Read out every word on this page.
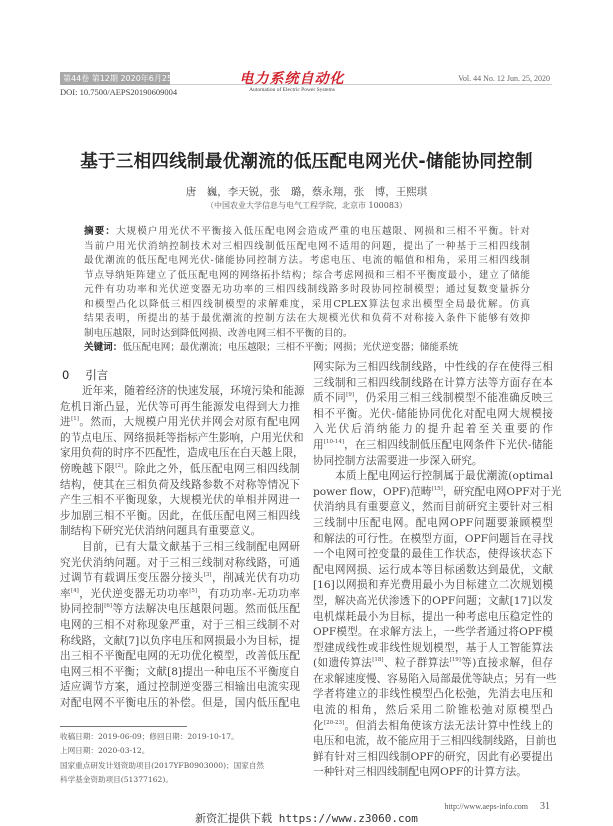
第44卷 第12期 2020年6月25日	电力系统自动化
Automation of Electric Power Systems
Vol. 44 No. 12 Jun. 25, 2020
DOI: 10.7500/AEPS20190609004
基于三相四线制最优潮流的低压配电网光伏-储能协同控制
唐　巍，李天锐，张　璐，蔡永翔，张　博，王熙琪
（中国农业大学信息与电气工程学院，北京市 100083）
摘要：大规模户用光伏不平衡接入低压配电网会造成严重的电压越限、网损和三相不平衡。针对
当前户用光伏消纳控制技术对三相四线制低压配电网不适用的问题，提出了一种基于三相四线制
最优潮流的低压配电网光伏-储能协同控制方法。考虑电压、电流的幅值和相角，采用三相四线制
节点导纳矩阵建立了低压配电网的网络拓扑结构；综合考虑网损和三相不平衡度最小，建立了储能
元件有功功率和光伏逆变器无功功率的三相四线制线路多时段协同控制模型；通过复数变量拆分
和模型凸化以降低三相四线制模型的求解难度，采用CPLEX算法包求出模型全局最优解。仿真
结果表明，所提出的基于最优潮流的控制方法在大规模光伏和负荷不对称接入条件下能够有效抑
制电压越限，同时达到降低网损、改善电网三相不平衡的目的。
关键词：低压配电网；最优潮流；电压越限；三相不平衡；网损；光伏逆变器；储能系统
0 引言
近年来，随着经济的快速发展，环境污染和能源
危机日渐凸显，光伏等可再生能源发电得到大力推
进[1]。然而，大规模户用光伏并网会对原有配电网
的节点电压、网络损耗等指标产生影响，户用光伏和
家用负荷的时序不匹配性，造成电压在白天越上限，
傍晚越下限[2]。除此之外，低压配电网三相四线制
结构，使其在三相负荷及线路参数不对称等情况下
产生三相不平衡现象，大规模光伏的单相并网进一
步加剧三相不平衡。因此，在低压配电网三相四线
制结构下研究光伏消纳问题具有重要意义。
目前，已有大量文献基于三相三线制配电网研
究光伏消纳问题。对于三相三线制对称线路，可通
过调节有载调压变压器分接头[3]，削减光伏有功功
率[4]，光伏逆变器无功功率[5]，有功功率-无功功率
协同控制[6]等方法解决电压越限问题。然而低压配
电网的三相不对称现象严重，对于三相三线制不对
称线路，文献[7]以负序电压和网损最小为目标，提
出三相不平衡配电网的无功优化模型，改善低压配
电网三相不平衡；文献[8]提出一种电压不平衡度自
适应调节方案，通过控制逆变器三相输出电流实现
对配电网不平衡电压的补偿。但是，国内低压配电
网实际为三相四线制线路，中性线的存在使得三相
三线制和三相四线制线路在计算方法等方面存在本
质不同[9]，仍采用三相三线制模型不能准确反映三
相不平衡。光伏-储能协同优化对配电网大规模接
入光伏后消纳能力的提升起着至关重要的作
用[10-14]，在三相四线制低压配电网条件下光伏-储能
协同控制方法需要进一步深入研究。
本质上配电网运行控制属于最优潮流(optimal
power flow，OPF)范畴[15]，研究配电网OPF对于光
伏消纳具有重要意义，然而目前研究主要针对三相
三线制中压配电网。配电网OPF问题要兼顾模型
和解法的可行性。在模型方面，OPF问题旨在寻找
一个电网可控变量的最佳工作状态，使得该状态下
配电网网损、运行成本等目标函数达到最优，文献
[16]以网损和弃光费用最小为目标建立二次规划模
型，解决高光伏渗透下的OPF问题；文献[17]以发
电机煤耗最小为目标，提出一种考虑电压稳定性的
OPF模型。在求解方法上，一些学者通过将OPF模
型建成线性或非线性规划模型，基于人工智能算法
(如遗传算法[18]、粒子群算法[19]等)直接求解，但存
在求解速度慢、容易陷入局部最优等缺点；另有一些
学者将建立的非线性模型凸化松弛，先消去电压和
电流的相角，然后采用二阶锥松弛对原模型凸
化[20-23]。但消去相角使该方法无法计算中性线上的
电压和电流，故不能应用于三相四线制线路，目前也
鲜有针对三相四线制OPF的研究，因此有必要提出
一种针对三相四线制配电网OPF的计算方法。
收稿日期：2019-06-09；修回日期：2019-10-17。
上网日期：2020-03-12。
国家重点研发计划资助项目(2017YFB0903000)；国家自然
科学基金资助项目(51377162)。
http://www.aeps-info.com 31
新资汇提供下载 https://www.z3060.com
